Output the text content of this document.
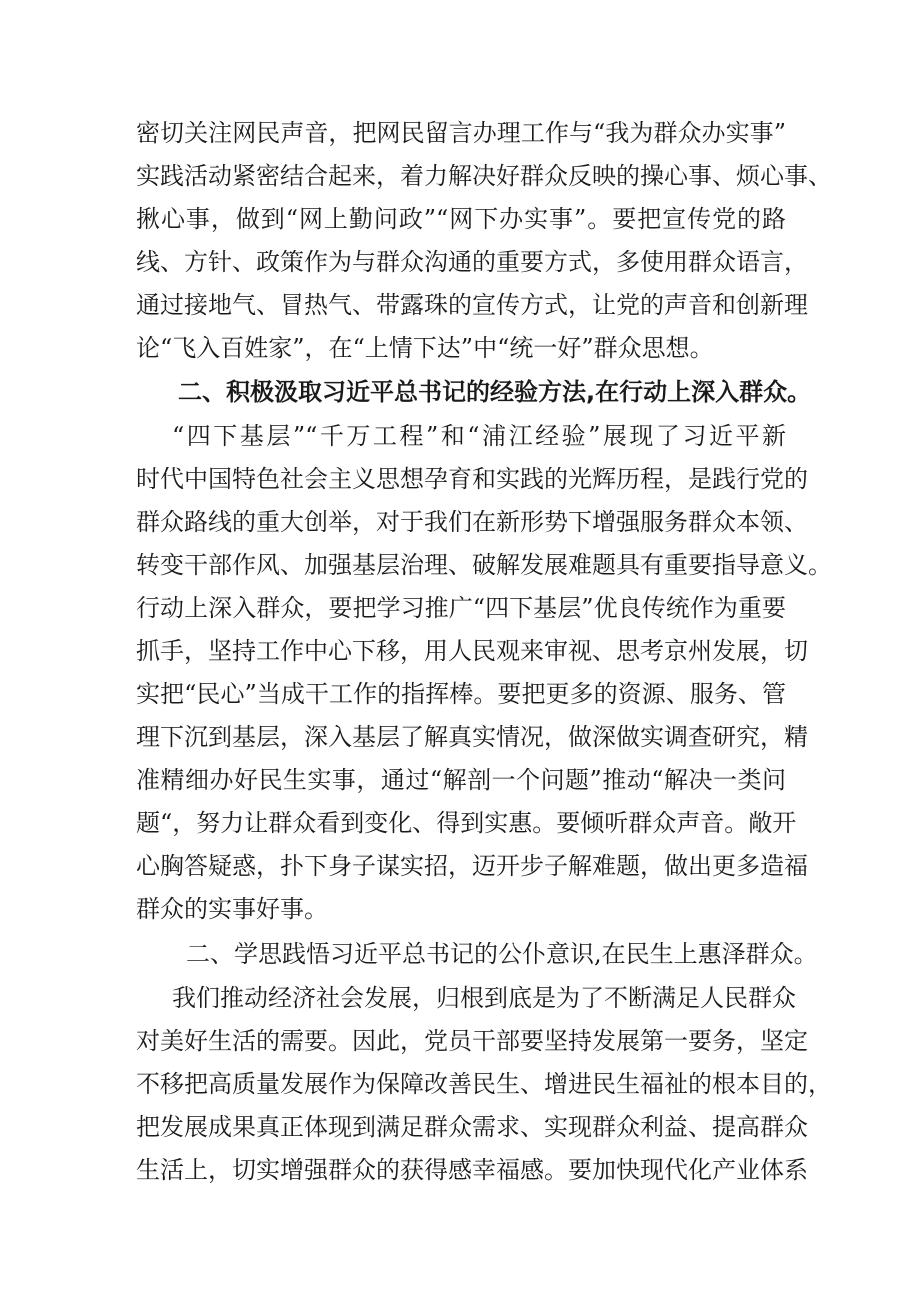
密切关注网民声音，把网民留言办理工作与“我为群众办实事”
实践活动紧密结合起来，着力解决好群众反映的操心事、烦心事、
揪心事，做到“网上勤问政”“网下办实事”。要把宣传党的路
线、方针、政策作为与群众沟通的重要方式，多使用群众语言，
通过接地气、冒热气、带露珠的宣传方式，让党的声音和创新理
论“飞入百姓家”，在“上情下达”中“统一好”群众思想。
二、积极汲取习近平总书记的经验方法,在行动上深入群众。
“四下基层”“千万工程”和“浦江经验”展现了习近平新
时代中国特色社会主义思想孕育和实践的光辉历程，是践行党的
群众路线的重大创举，对于我们在新形势下增强服务群众本领、
转变干部作风、加强基层治理、破解发展难题具有重要指导意义。
行动上深入群众，要把学习推广“四下基层”优良传统作为重要
抓手，坚持工作中心下移，用人民观来审视、思考京州发展，切
实把“民心”当成干工作的指挥棒。要把更多的资源、服务、管
理下沉到基层，深入基层了解真实情况，做深做实调查研究，精
准精细办好民生实事，通过“解剖一个问题”推动“解决一类问
题“，努力让群众看到变化、得到实惠。要倾听群众声音。敞开
心胸答疑惑，扑下身子谋实招，迈开步子解难题，做出更多造福
群众的实事好事。
二、学思践悟习近平总书记的公仆意识,在民生上惠泽群众。
我们推动经济社会发展，归根到底是为了不断满足人民群众
对美好生活的需要。因此，党员干部要坚持发展第一要务，坚定
不移把高质量发展作为保障改善民生、增进民生福祉的根本目的，
把发展成果真正体现到满足群众需求、实现群众利益、提高群众
生活上，切实增强群众的获得感幸福感。要加快现代化产业体系
